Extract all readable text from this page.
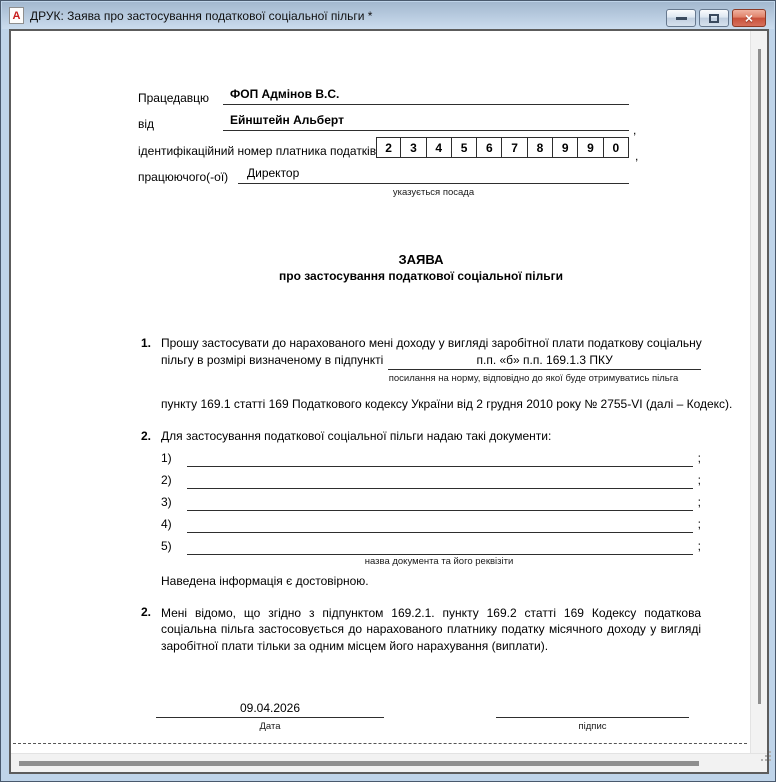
A ДРУК: Заява про застосування податкової соціальної пільги *	×
Працедавцю	ФОП Адмінов В.С.
від	Ейнштейн Альберт
,
ідентифікаційний номер платника податків 2	3	4	5	6	7	8	9	9	0
,
працюючого(-ої)	Директор
указується посада
ЗАЯВА
про застосування податкової соціальної пільги
1. Прошу застосувати до нарахованого мені доходу у вигляді заробітної плати податкову соціальну
пільгу в розмірі визначеному в підпункті	п.п. «б» п.п. 169.1.3 ПКУ
посилання на норму, відповідно до якої буде отримуватись пільга
пункту 169.1 статті 169 Податкового кодексу України від 2 грудня 2010 року № 2755-VI (далі – Кодекс).
2. Для застосування податкової соціальної пільги надаю такі документи:
1)	;
2)	;
3)	;
4)	;
5)	;
назва документа та його реквізіти
Наведена інформація є достовірною.
2. Мені відомо, що згідно з підпунктом 169.2.1. пункту 169.2 статті 169 Кодексу податкова соціальна пільга застосовується до нарахованого платнику податку місячного доходу у вигляді заробітної плати тільки за одним місцем його нарахування (виплати).
09.04.2026
Дата	підпис
